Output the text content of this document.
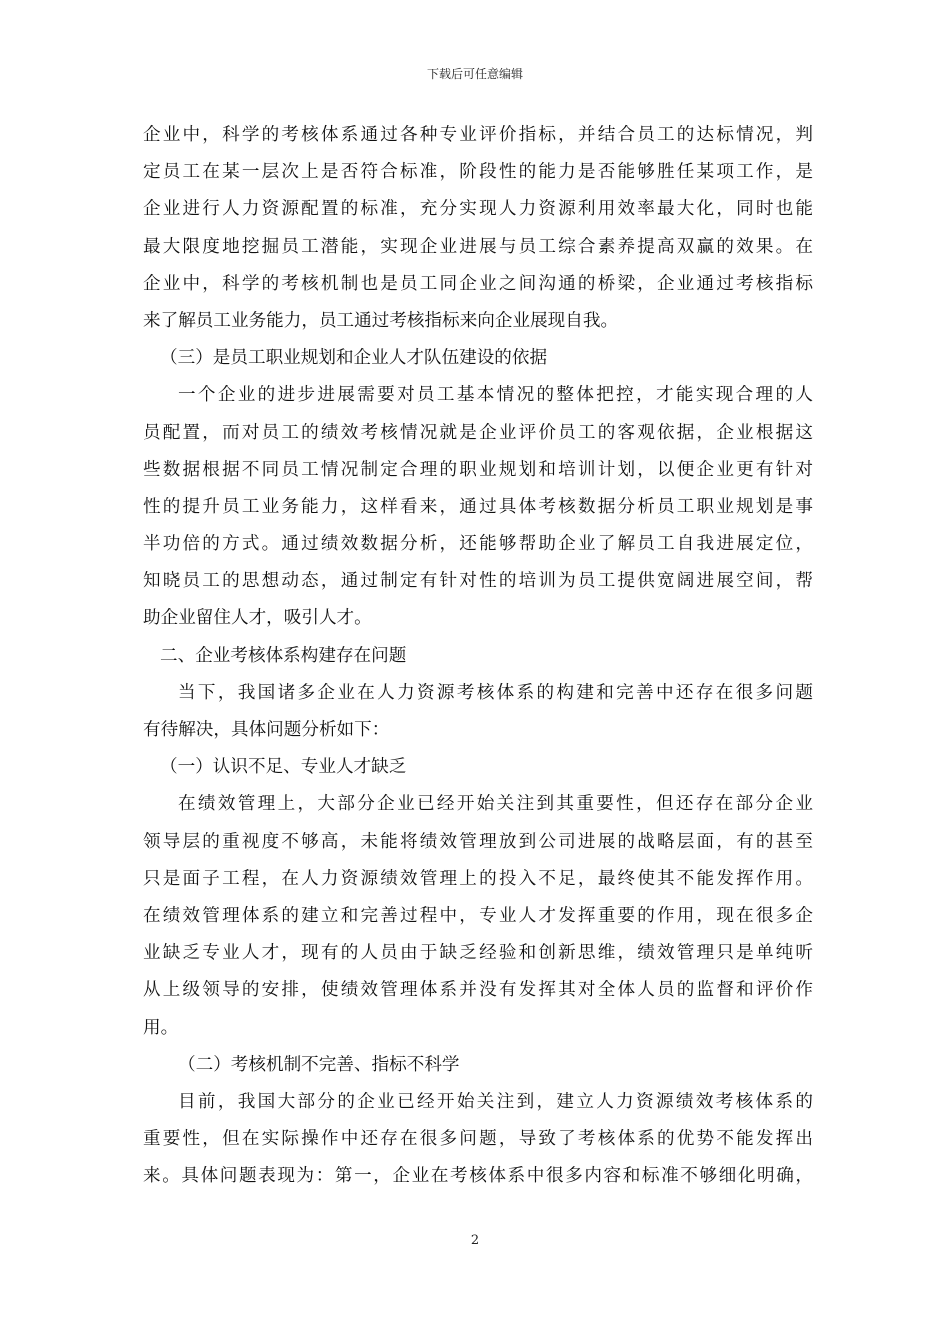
下载后可任意编辑
企业中，科学的考核体系通过各种专业评价指标，并结合员工的达标情况，判
定员工在某一层次上是否符合标准，阶段性的能力是否能够胜任某项工作，是
企业进行人力资源配置的标准，充分实现人力资源利用效率最大化，同时也能
最大限度地挖掘员工潜能，实现企业进展与员工综合素养提高双赢的效果。在
企业中，科学的考核机制也是员工同企业之间沟通的桥梁，企业通过考核指标
来了解员工业务能力，员工通过考核指标来向企业展现自我。
（三）是员工职业规划和企业人才队伍建设的依据
一个企业的进步进展需要对员工基本情况的整体把控，才能实现合理的人
员配置，而对员工的绩效考核情况就是企业评价员工的客观依据，企业根据这
些数据根据不同员工情况制定合理的职业规划和培训计划，以便企业更有针对
性的提升员工业务能力，这样看来，通过具体考核数据分析员工职业规划是事
半功倍的方式。通过绩效数据分析，还能够帮助企业了解员工自我进展定位，
知晓员工的思想动态，通过制定有针对性的培训为员工提供宽阔进展空间，帮
助企业留住人才，吸引人才。
二、企业考核体系构建存在问题
当下，我国诸多企业在人力资源考核体系的构建和完善中还存在很多问题
有待解决，具体问题分析如下：
（一）认识不足、专业人才缺乏
在绩效管理上，大部分企业已经开始关注到其重要性，但还存在部分企业
领导层的重视度不够高，未能将绩效管理放到公司进展的战略层面，有的甚至
只是面子工程，在人力资源绩效管理上的投入不足，最终使其不能发挥作用。
在绩效管理体系的建立和完善过程中，专业人才发挥重要的作用，现在很多企
业缺乏专业人才，现有的人员由于缺乏经验和创新思维，绩效管理只是单纯听
从上级领导的安排，使绩效管理体系并没有发挥其对全体人员的监督和评价作
用。
（二）考核机制不完善、指标不科学
目前，我国大部分的企业已经开始关注到，建立人力资源绩效考核体系的
重要性，但在实际操作中还存在很多问题，导致了考核体系的优势不能发挥出
来。具体问题表现为：第一，企业在考核体系中很多内容和标准不够细化明确，
2
